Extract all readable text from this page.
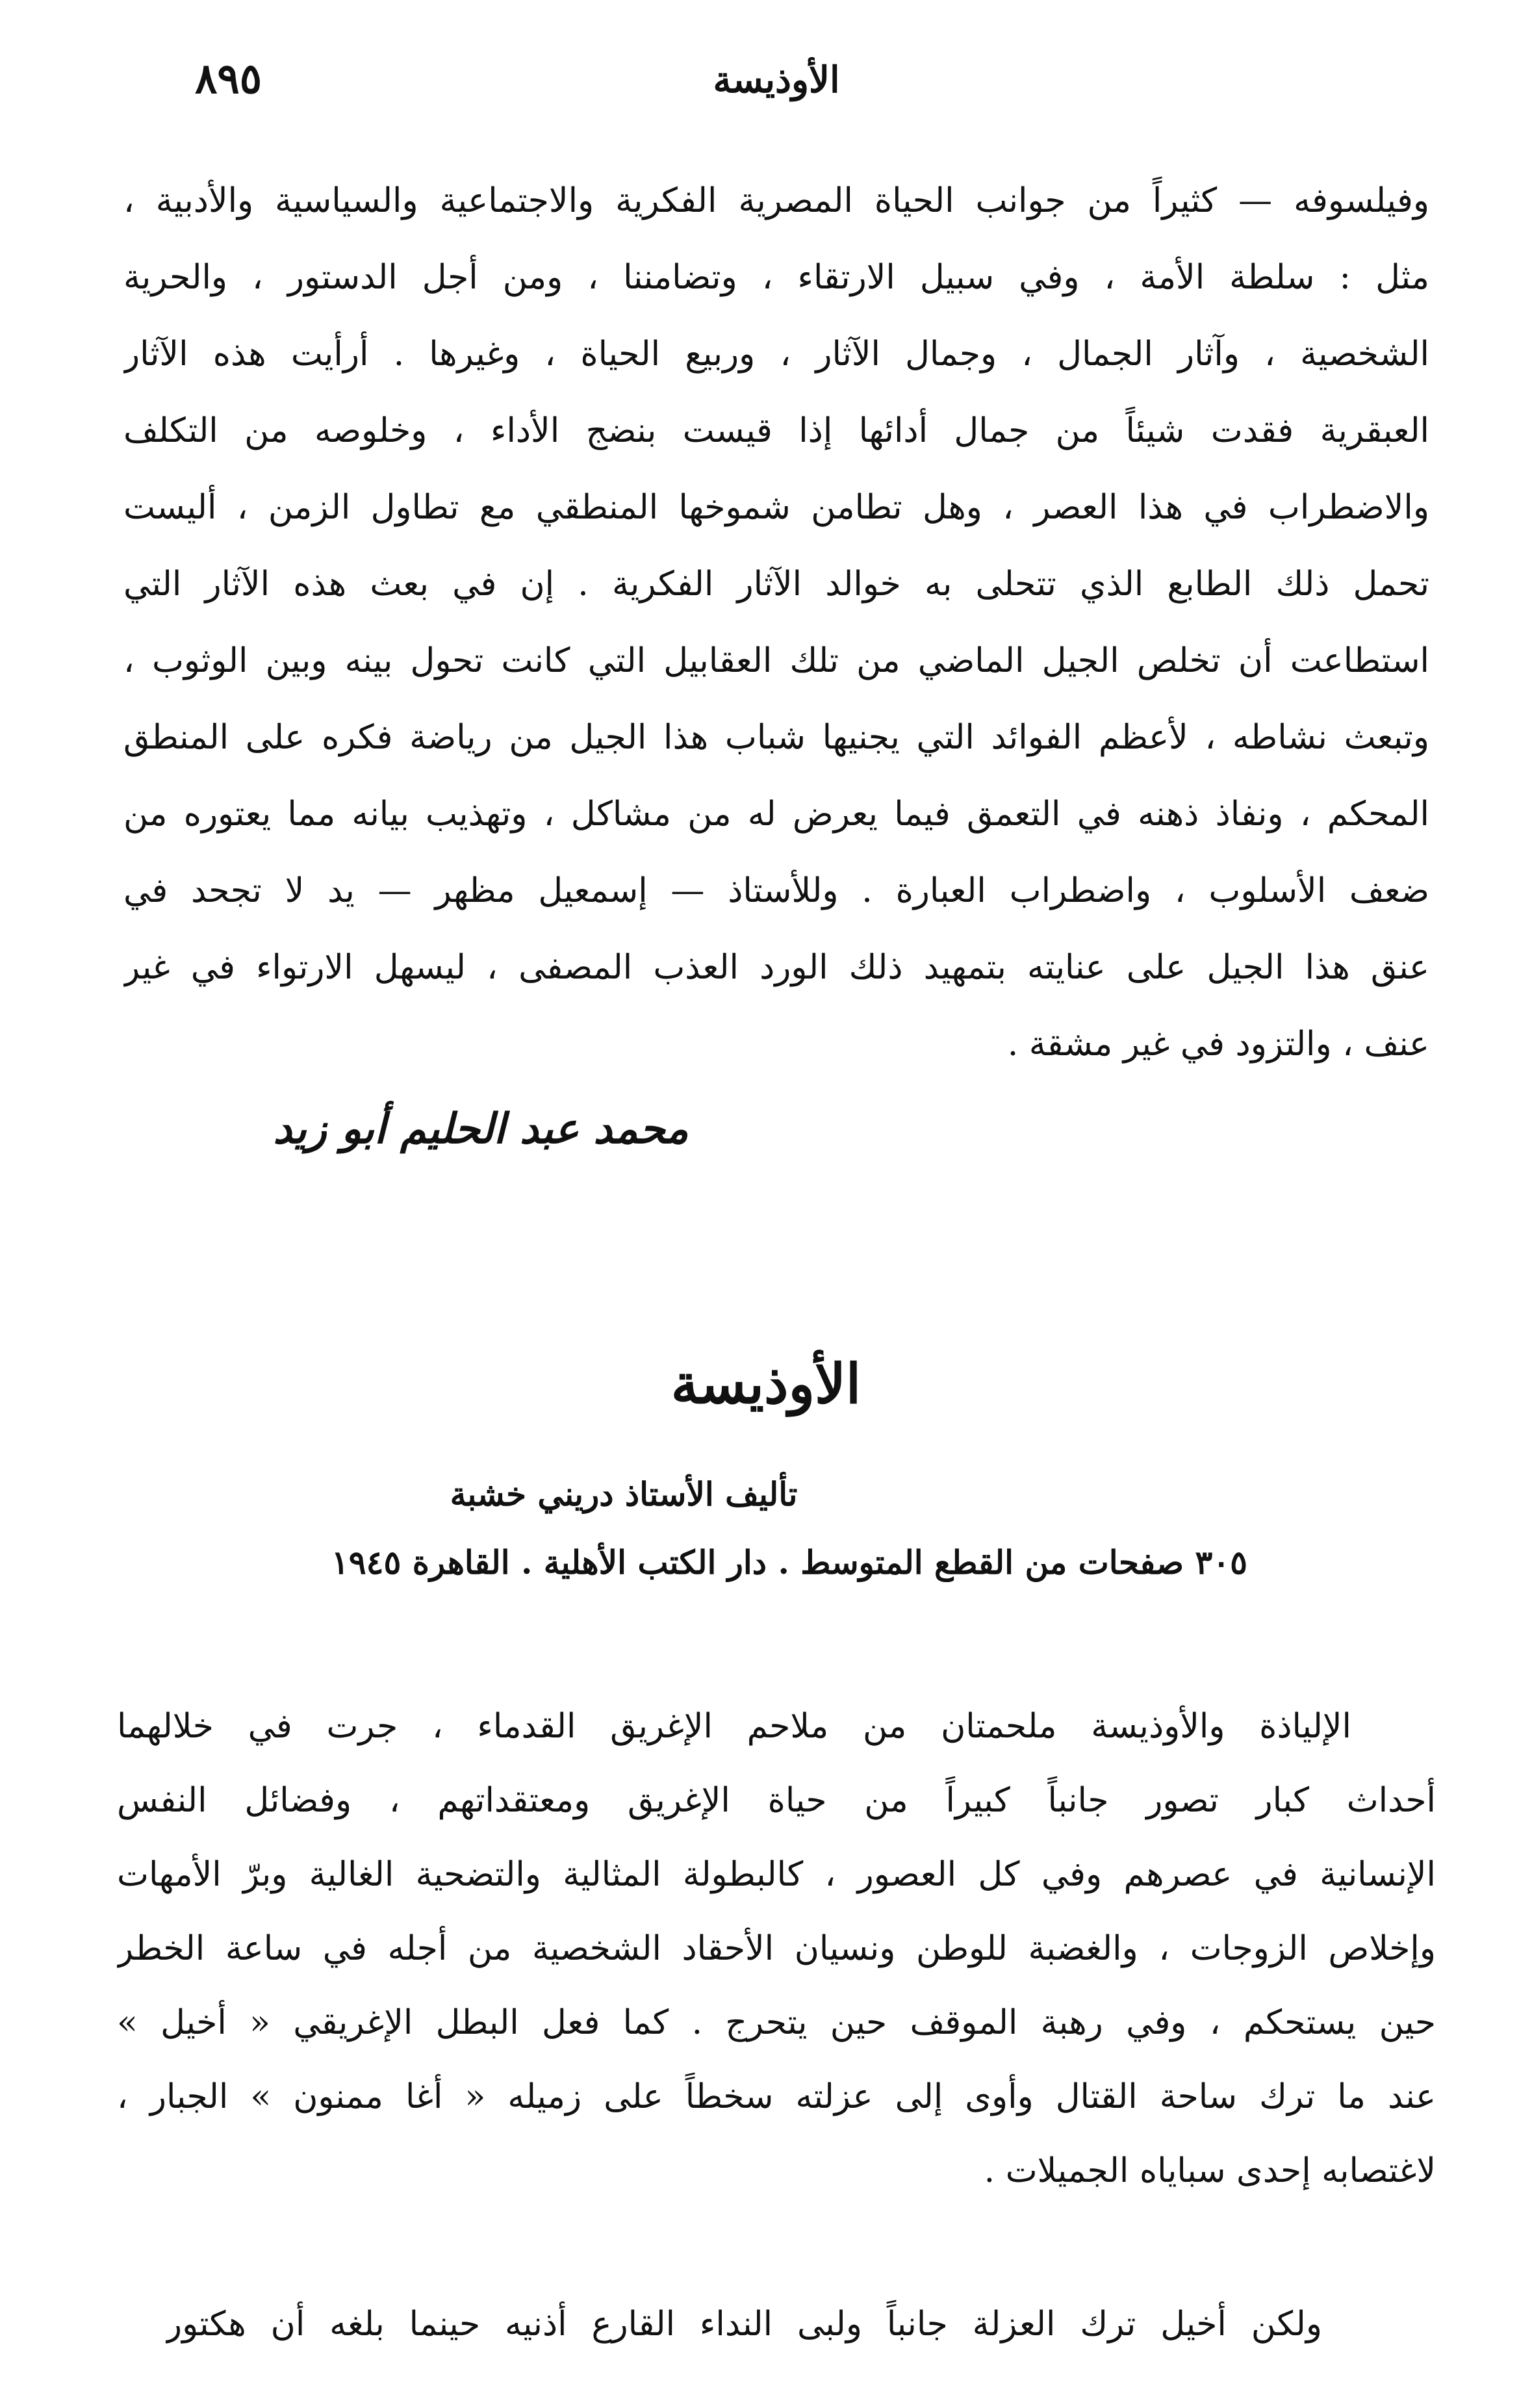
الأوذيسة
٨٩٥
وفيلسوفه — كثيراً من جوانب الحياة المصرية الفكرية والاجتماعية والسياسية والأدبية ،
مثل : سلطة الأمة ، وفي سبيل الارتقاء ، وتضامننا ، ومن أجل الدستور ، والحرية
الشخصية ، وآثار الجمال ، وجمال الآثار ، وربيع الحياة ، وغيرها . أرأيت هذه الآثار
العبقرية فقدت شيئاً من جمال أدائها إذا قيست بنضج الأداء ، وخلوصه من التكلف
والاضطراب في هذا العصر ، وهل تطامن شموخها المنطقي مع تطاول الزمن ، أليست
تحمل ذلك الطابع الذي تتحلى به خوالد الآثار الفكرية . إن في بعث هذه الآثار التي
استطاعت أن تخلص الجيل الماضي من تلك العقابيل التي كانت تحول بينه وبين الوثوب ،
وتبعث نشاطه ، لأعظم الفوائد التي يجنيها شباب هذا الجيل من رياضة فكره على المنطق
المحكم ، ونفاذ ذهنه في التعمق فيما يعرض له من مشاكل ، وتهذيب بيانه مما يعتوره من
ضعف الأسلوب ، واضطراب العبارة . وللأستاذ — إسمعيل مظهر — يد لا تجحد في
عنق هذا الجيل على عنايته بتمهيد ذلك الورد العذب المصفى ، ليسهل الارتواء في غير
عنف ، والتزود في غير مشقة .
محمد عبد الحليم أبو زيد
الأوذيسة
تأليف الأستاذ دريني خشبة
٣٠٥ صفحات من القطع المتوسط . دار الكتب الأهلية . القاهرة ١٩٤٥
الإلياذة والأوذيسة ملحمتان من ملاحم الإغريق القدماء ، جرت في خلالهما
أحداث كبار تصور جانباً كبيراً من حياة الإغريق ومعتقداتهم ، وفضائل النفس
الإنسانية في عصرهم وفي كل العصور ، كالبطولة المثالية والتضحية الغالية وبرّ الأمهات
وإخلاص الزوجات ، والغضبة للوطن ونسيان الأحقاد الشخصية من أجله في ساعة الخطر
حين يستحكم ، وفي رهبة الموقف حين يتحرج . كما فعل البطل الإغريقي « أخيل »
عند ما ترك ساحة القتال وأوى إلى عزلته سخطاً على زميله « أغا ممنون » الجبار ،
لاغتصابه إحدى سباياه الجميلات .
ولكن أخيل ترك العزلة جانباً ولبى النداء القارع أذنيه حينما بلغه أن هكتور
